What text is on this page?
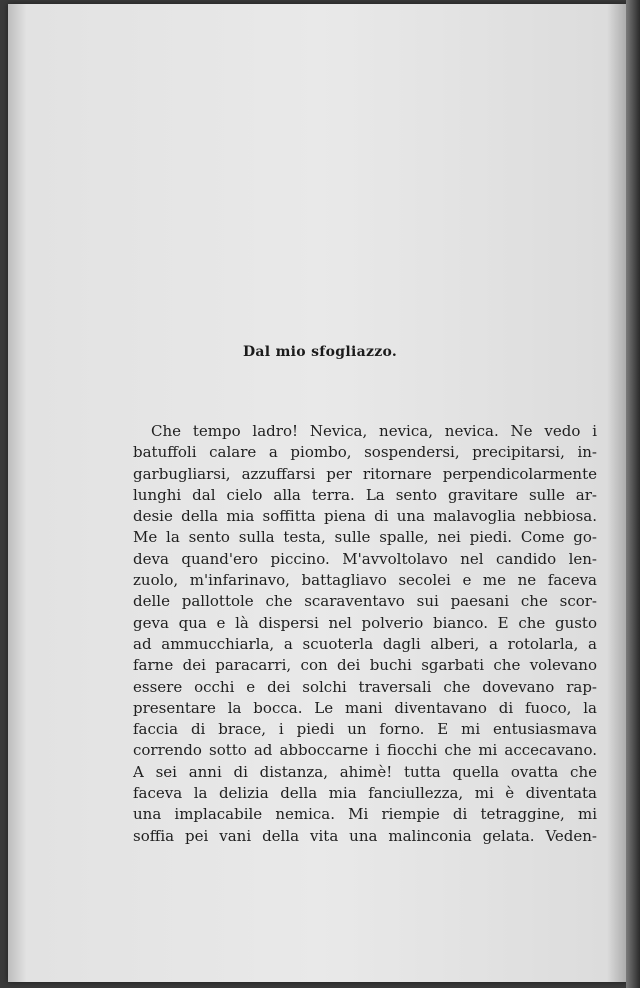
Dal mio sfogliazzo.
Che tempo ladro! Nevica, nevica, nevica. Ne vedo i
batuffoli calare a piombo, sospendersi, precipitarsi, in-
garbugliarsi, azzuffarsi per ritornare perpendicolarmente
lunghi dal cielo alla terra. La sento gravitare sulle ar-
desie della mia soffitta piena di una malavoglia nebbiosa.
Me la sento sulla testa, sulle spalle, nei piedi. Come go-
deva quand'ero piccino. M'avvoltolavo nel candido len-
zuolo, m'infarinavo, battagliavo secolei e me ne faceva
delle pallottole che scaraventavo sui paesani che scor-
geva qua e là dispersi nel polverio bianco. E che gusto
ad ammucchiarla, a scuoterla dagli alberi, a rotolarla, a
farne dei paracarri, con dei buchi sgarbati che volevano
essere occhi e dei solchi traversali che dovevano rap-
presentare la bocca. Le mani diventavano di fuoco, la
faccia di brace, i piedi un forno. E mi entusiasmava
correndo sotto ad abboccarne i fiocchi che mi accecavano.
A sei anni di distanza, ahimè! tutta quella ovatta che
faceva la delizia della mia fanciullezza, mi è diventata
una implacabile nemica. Mi riempie di tetraggine, mi
soffia pei vani della vita una malinconia gelata. Veden-
